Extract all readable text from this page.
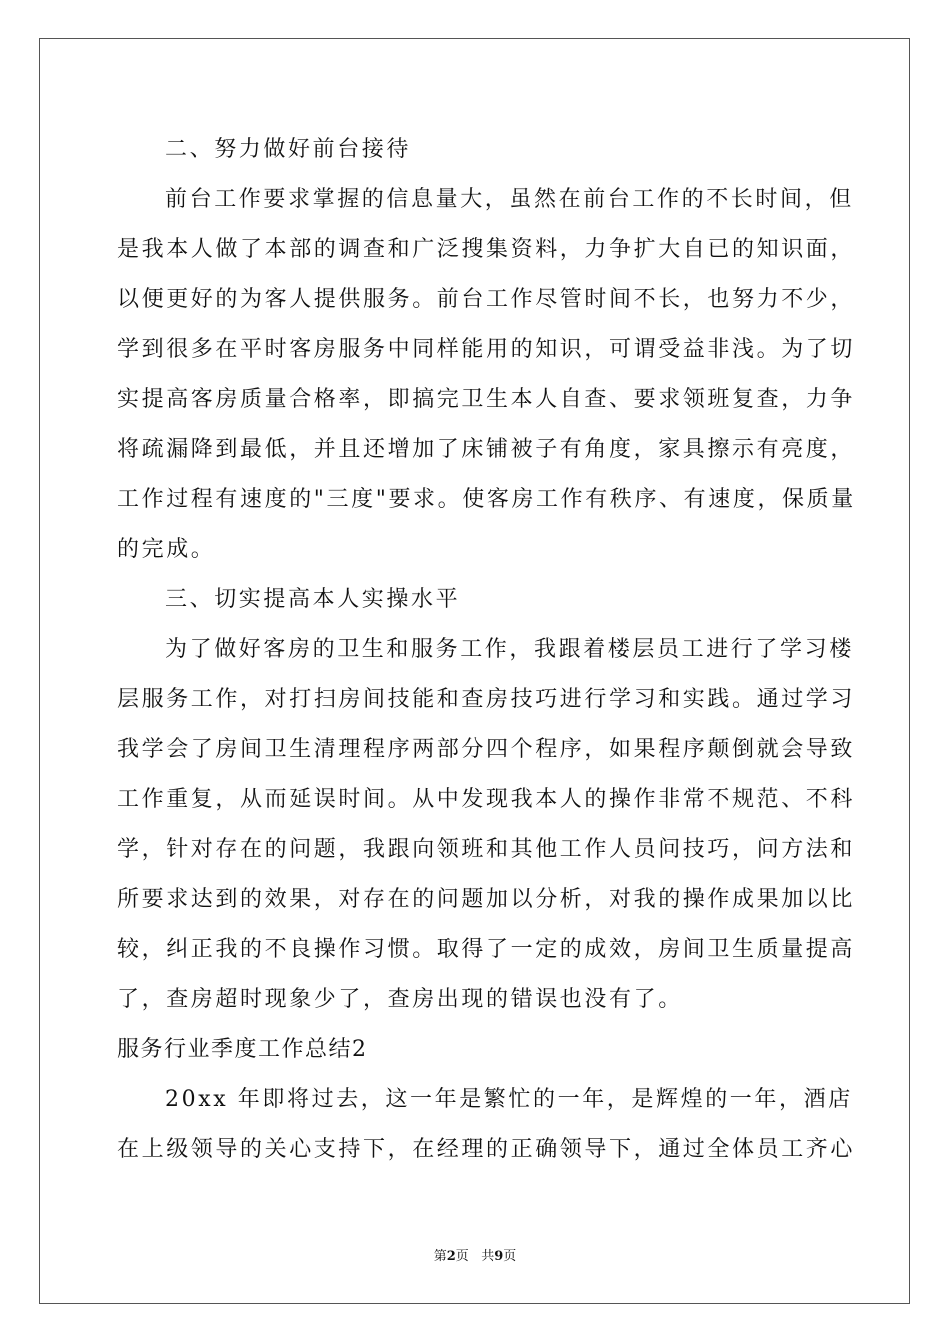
二、努力做好前台接待
前台工作要求掌握的信息量大，虽然在前台工作的不长时间，但
是我本人做了本部的调查和广泛搜集资料，力争扩大自已的知识面，
以便更好的为客人提供服务。前台工作尽管时间不长，也努力不少，
学到很多在平时客房服务中同样能用的知识，可谓受益非浅。为了切
实提高客房质量合格率，即搞完卫生本人自查、要求领班复查，力争
将疏漏降到最低，并且还增加了床铺被子有角度，家具擦示有亮度，
工作过程有速度的"三度"要求。使客房工作有秩序、有速度，保质量
的完成。
三、切实提高本人实操水平
为了做好客房的卫生和服务工作，我跟着楼层员工进行了学习楼
层服务工作，对打扫房间技能和查房技巧进行学习和实践。通过学习
我学会了房间卫生清理程序两部分四个程序，如果程序颠倒就会导致
工作重复，从而延误时间。从中发现我本人的操作非常不规范、不科
学，针对存在的问题，我跟向领班和其他工作人员问技巧，问方法和
所要求达到的效果，对存在的问题加以分析，对我的操作成果加以比
较，纠正我的不良操作习惯。取得了一定的成效，房间卫生质量提高
了，查房超时现象少了，查房出现的错误也没有了。
服务行业季度工作总结2
20xx 年即将过去，这一年是繁忙的一年，是辉煌的一年，酒店
在上级领导的关心支持下，在经理的正确领导下，通过全体员工齐心
第2页 共9页
